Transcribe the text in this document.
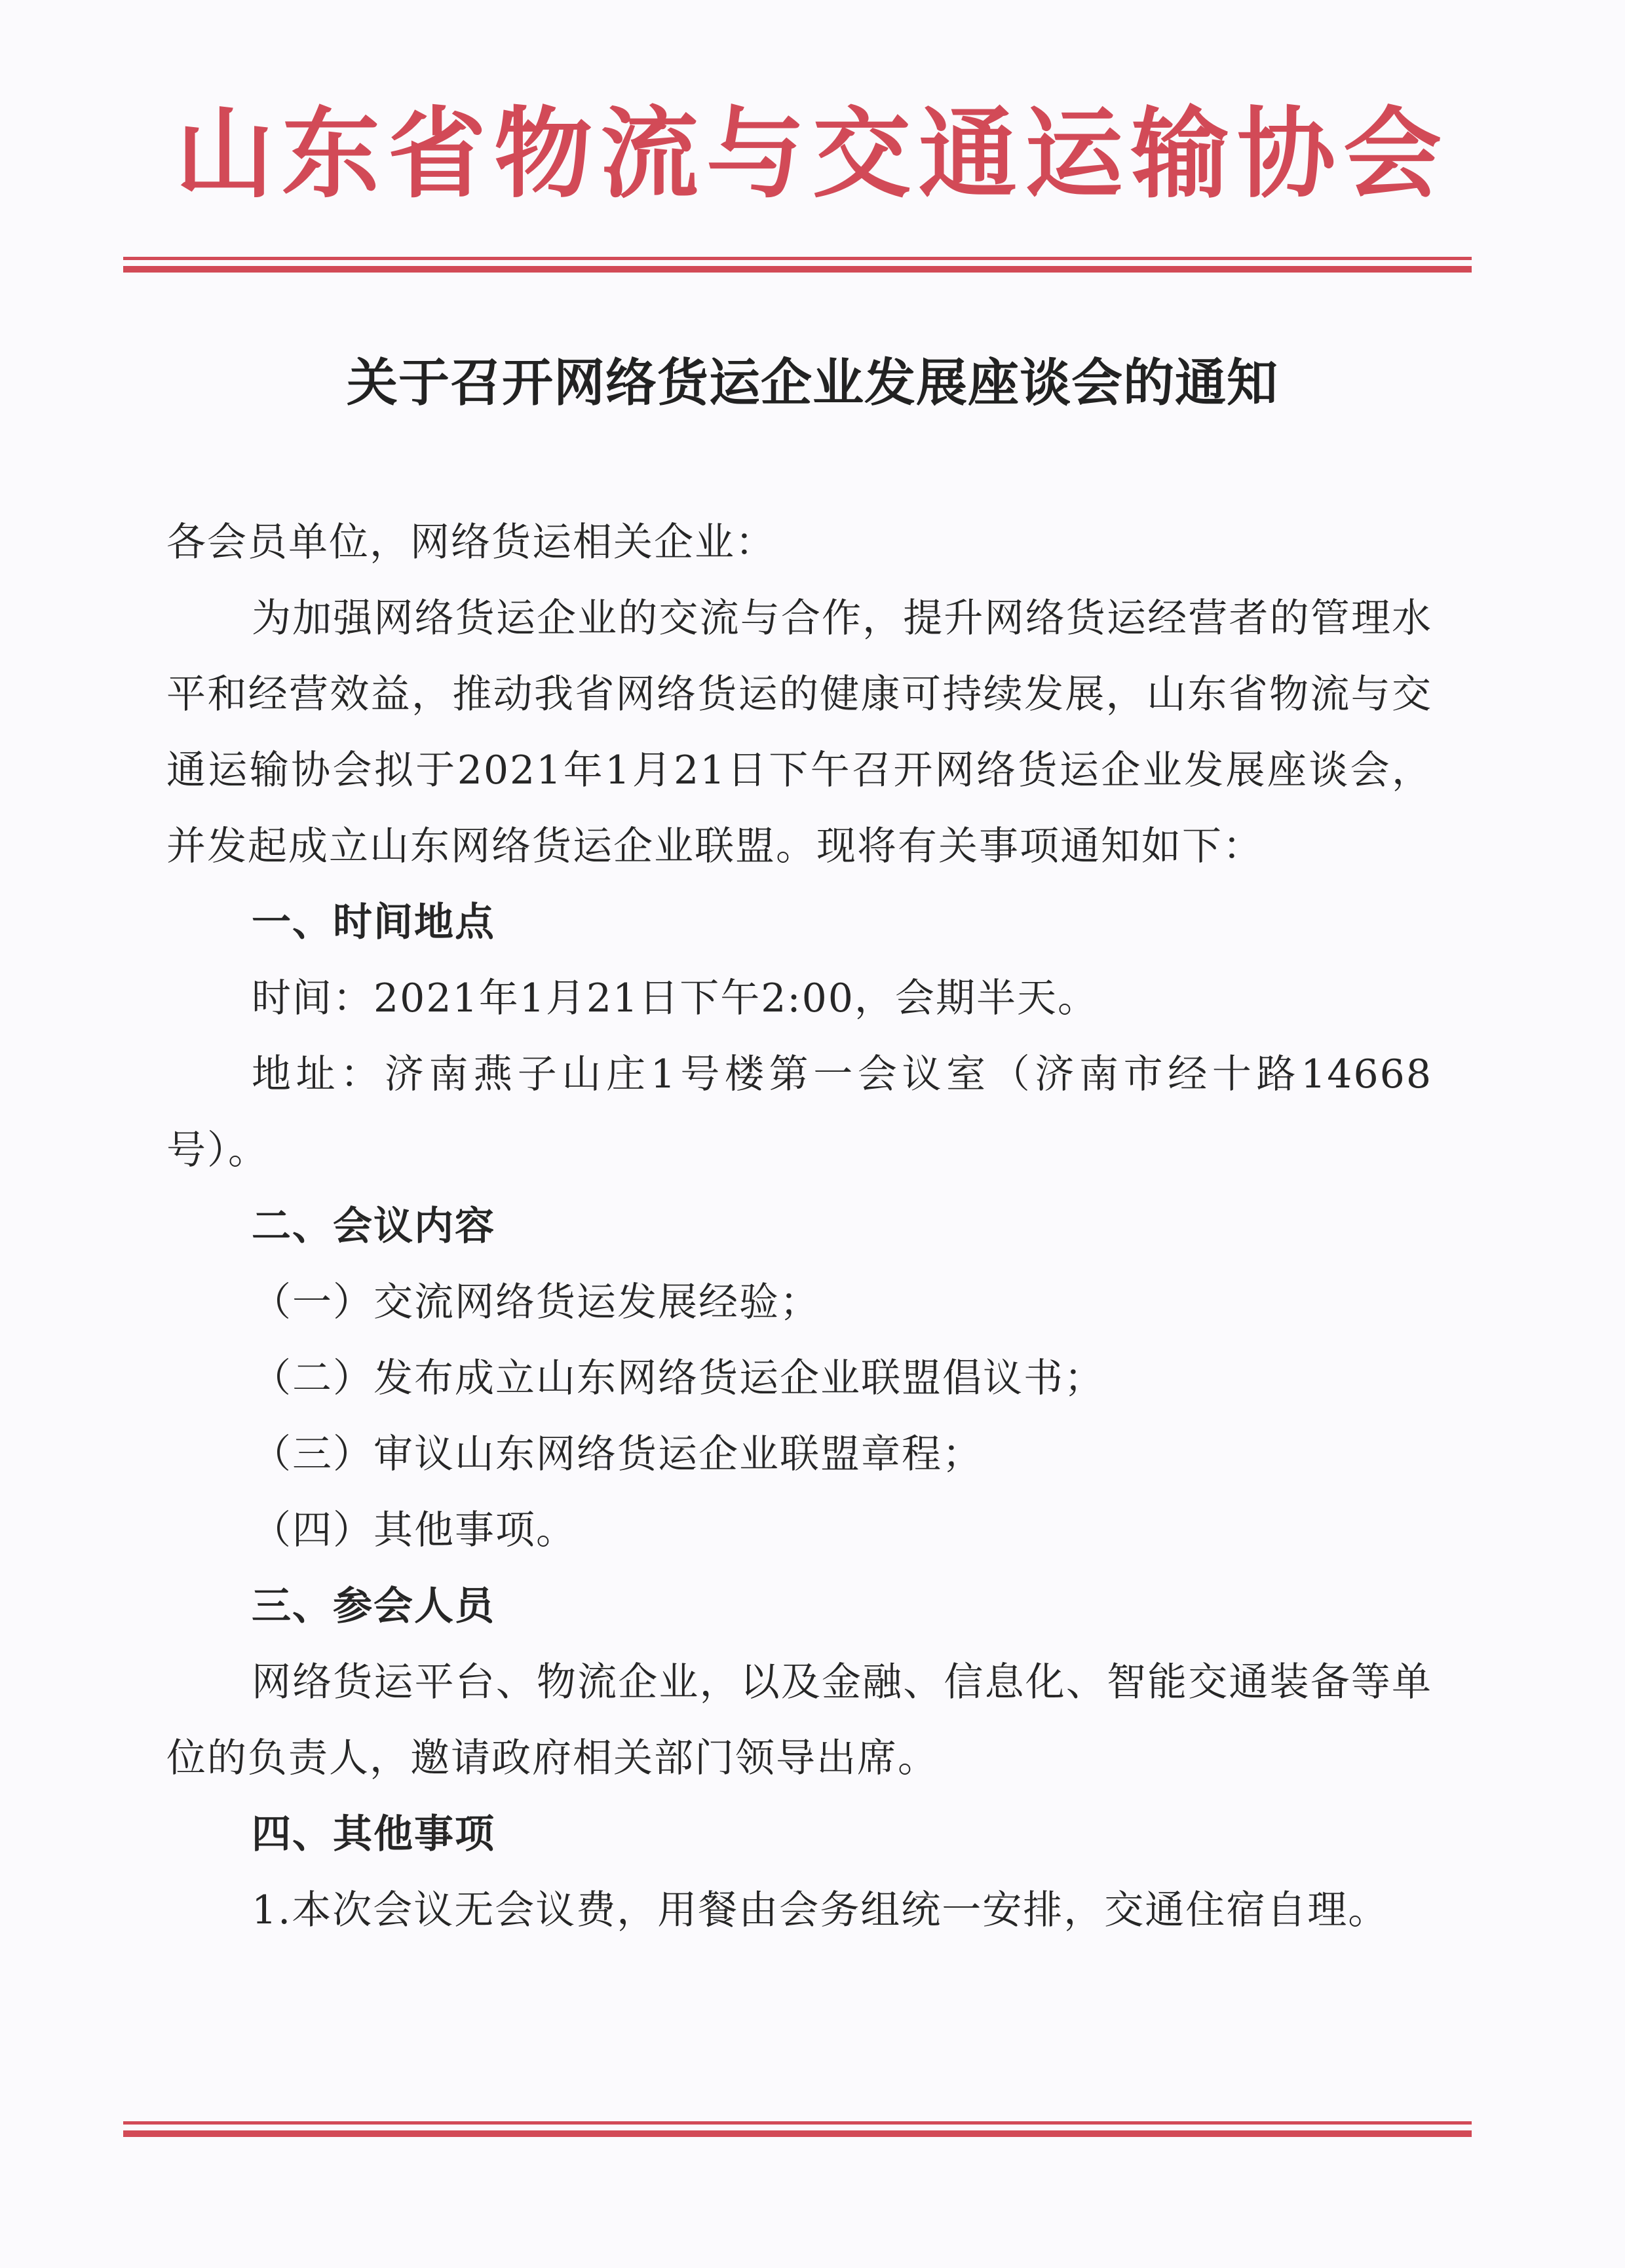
山东省物流与交通运输协会
关于召开网络货运企业发展座谈会的通知

各会员单位，网络货运相关企业：

为加强网络货运企业的交流与合作，提升网络货运经营者的管理水平和经营效益，推动我省网络货运的健康可持续发展，山东省物流与交通运输协会拟于2021年1月21日下午召开网络货运企业发展座谈会，并发起成立山东网络货运企业联盟。现将有关事项通知如下：

一、时间地点

时间：2021年1月21日下午2:00，会期半天。

地址：济南燕子山庄1号楼第一会议室（济南市经十路14668号）。

二、会议内容

（一）交流网络货运发展经验；

（二）发布成立山东网络货运企业联盟倡议书；

（三）审议山东网络货运企业联盟章程；

（四）其他事项。

三、参会人员

网络货运平台、物流企业，以及金融、信息化、智能交通装备等单位的负责人，邀请政府相关部门领导出席。

四、其他事项

1.本次会议无会议费，用餐由会务组统一安排，交通住宿自理。
